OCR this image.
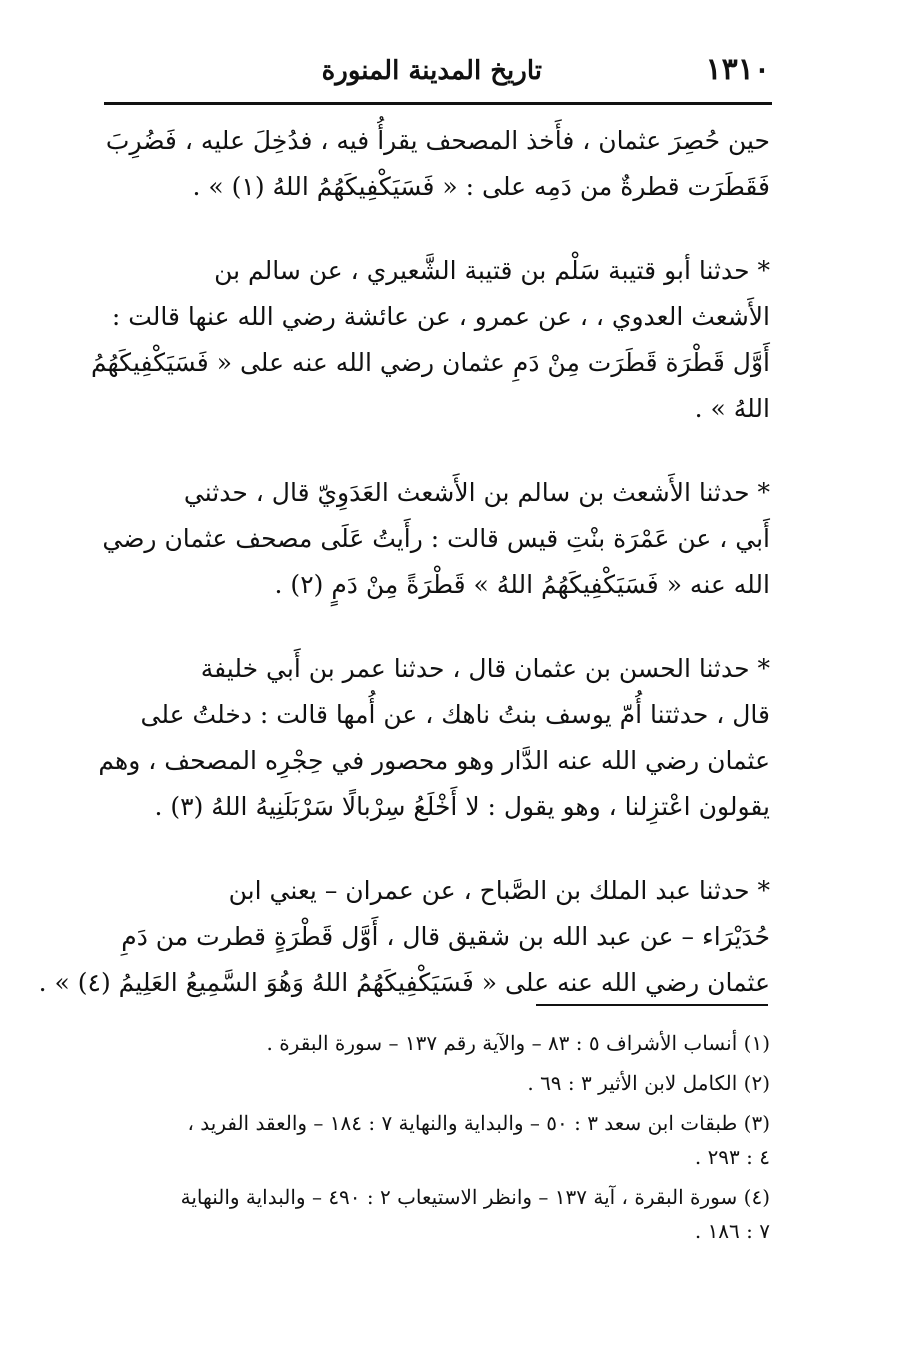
١٣١٠
تاريخ المدينة المنورة
حين حُصِرَ عثمان ، فأَخذ المصحف يقرأُ فيه ، فدُخِلَ عليه ، فَضُرِبَ
فَقَطَرَت قطرةٌ من دَمِه على : « فَسَيَكْفِيكَهُمُ اللهُ (١) » .
* حدثنا أبو قتيبة سَلْم بن قتيبة الشَّعيري ، عن سالم بن
الأَشعث العدوي ، ، عن عمرو ، عن عائشة رضي الله عنها قالت :
أَوَّل قَطْرَة قَطَرَت مِنْ دَمِ عثمان رضي الله عنه على « فَسَيَكْفِيكَهُمُ
اللهُ » .
* حدثنا الأَشعث بن سالم بن الأَشعث العَدَوِيّ قال ، حدثني
أَبي ، عن عَمْرَة بنْتِ قيس قالت : رأَيتُ عَلَى مصحف عثمان رضي
الله عنه « فَسَيَكْفِيكَهُمُ اللهُ » قَطْرَةً مِنْ دَمٍ (٢) .
* حدثنا الحسن بن عثمان قال ، حدثنا عمر بن أَبي خليفة
قال ، حدثتنا أُمّ يوسف بنتُ ناهك ، عن أُمها قالت : دخلتُ على
عثمان رضي الله عنه الدَّار وهو محصور في حِجْرِه المصحف ، وهم
يقولون اعْتزِلنا ، وهو يقول : لا أَخْلَعُ سِرْبالًا سَرْبَلَنِيهُ اللهُ (٣) .
* حدثنا عبد الملك بن الصَّباح ، عن عمران – يعني ابن
حُدَيْرَاء – عن عبد الله بن شقيق قال ، أَوَّل قَطْرَةٍ قطرت من دَمِ
عثمان رضي الله عنه على « فَسَيَكْفِيكَهُمُ اللهُ وَهُوَ السَّمِيعُ العَلِيمُ (٤) » .
(١) أنساب الأشراف ٥ : ٨٣ – والآية رقم ١٣٧ – سورة البقرة .
(٢) الكامل لابن الأثير ٣ : ٦٩ .
(٣) طبقات ابن سعد ٣ : ٥٠ – والبداية والنهاية ٧ : ١٨٤ – والعقد الفريد ،
٤ : ٢٩٣ .
(٤) سورة البقرة ، آية ١٣٧ – وانظر الاستيعاب ٢ : ٤٩٠ – والبداية والنهاية
٧ : ١٨٦ .
